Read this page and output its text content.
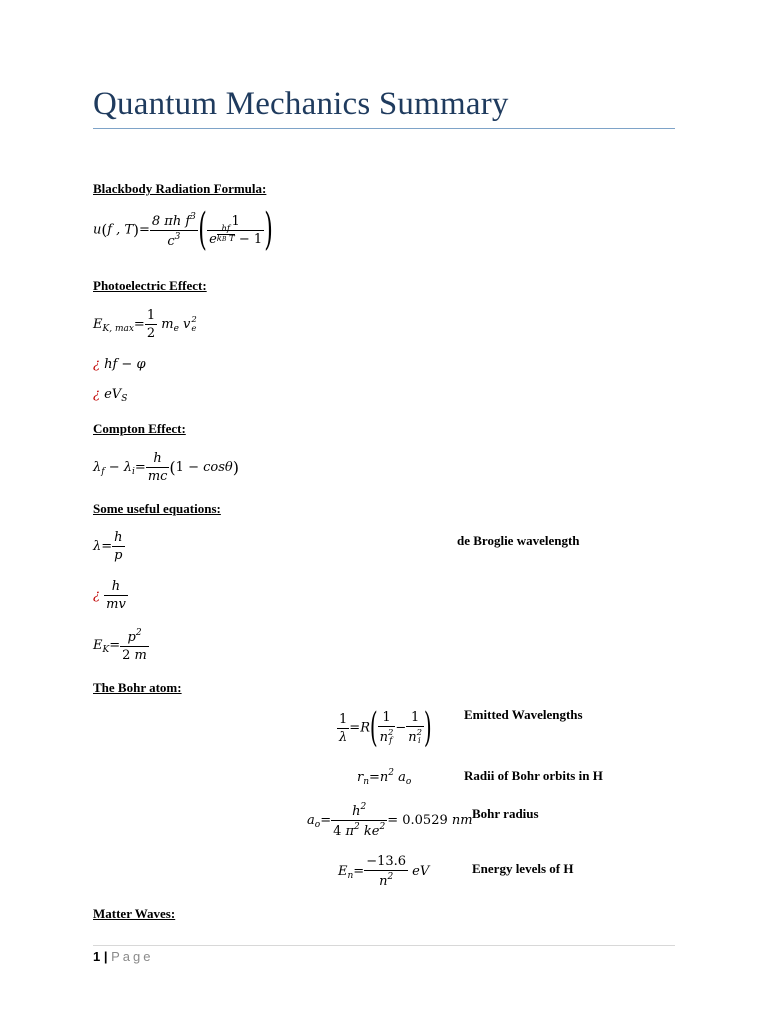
Quantum Mechanics Summary
Blackbody Radiation Formula:
u(f , $T)= \frac{8 \pi h f^3}{c^3}$ ( $\frac{1}{e \frac{hf}{\text{kB T}} - 1}$ )
Photoelectric Effect:
$E_{K, max}= \frac{1}{2} m_e$ v 2
e
¿ hf − φ
¿ $eV_S$
Compton Effect:
$\lambda_f - \lambda_i= \frac{h}{mc} (1 - \cos\theta)$
Some useful equations:
$\lambda= \frac{h}{p}$	de Broglie wavelength
¿ $\frac{h}{mv}$
$E_K= \frac{p^2}{2 m}$
The Bohr atom:
$\frac{1}{\lambda} =R$( 1
n 2
f − 1
n 2
i ) Emitted Wavelengths
$r_n=n^2$ $a_o$	Radii of Bohr orbits in H
$a_o= \frac{h^2}{4 \pi^2 ke^2} = 0.0529$ nm Bohr radius
$E_n= \frac{-13.6}{n^2}$ eV	Energy levels of H
Matter Waves:
1 | Page
